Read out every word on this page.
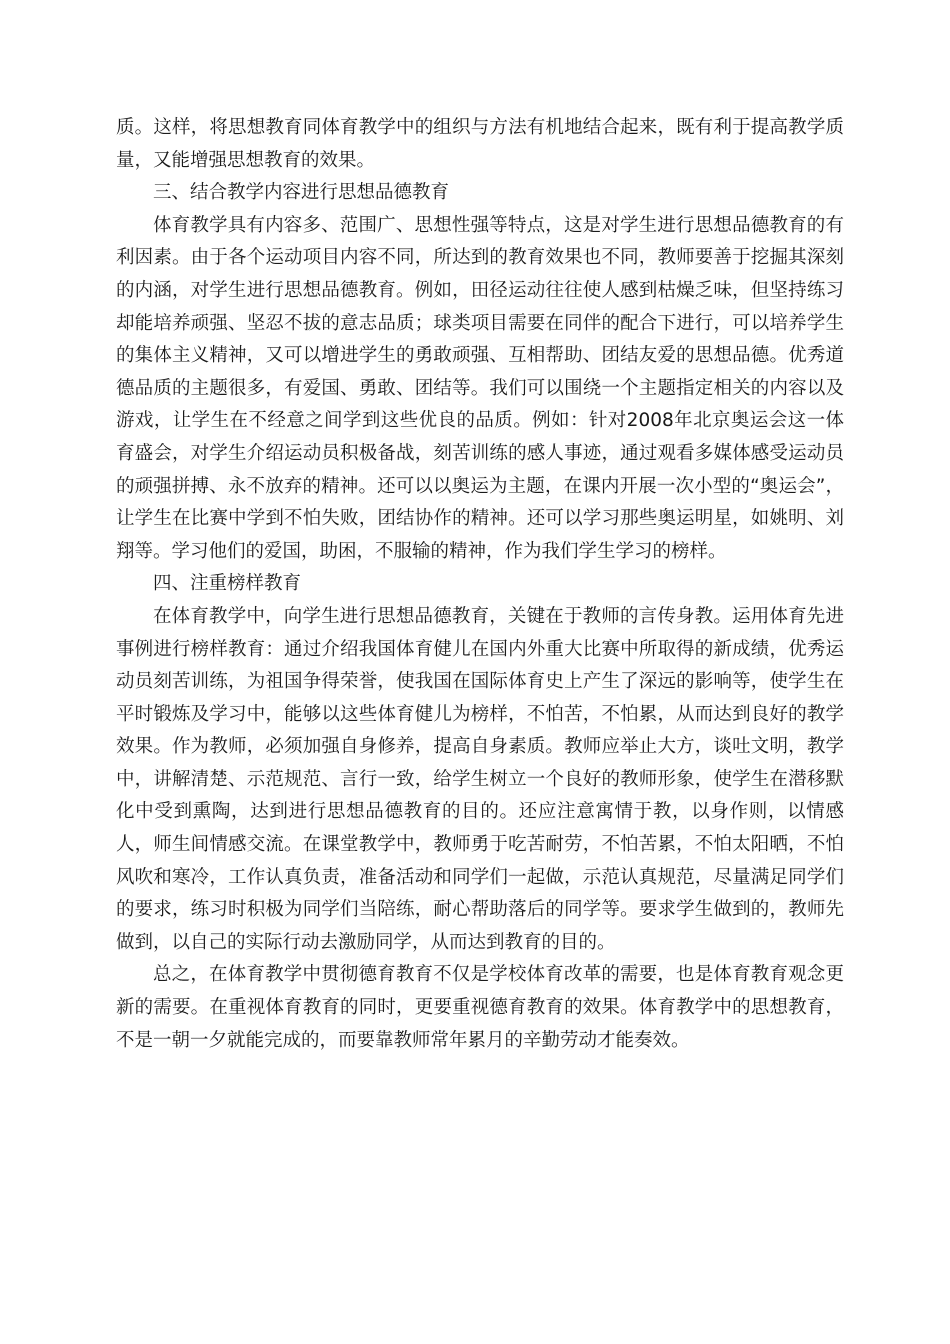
质。这样，将思想教育同体育教学中的组织与方法有机地结合起来，既有利于提高教学质量，又能增强思想教育的效果。

三、结合教学内容进行思想品德教育

体育教学具有内容多、范围广、思想性强等特点，这是对学生进行思想品德教育的有利因素。由于各个运动项目内容不同，所达到的教育效果也不同，教师要善于挖掘其深刻的内涵，对学生进行思想品德教育。例如，田径运动往往使人感到枯燥乏味，但坚持练习却能培养顽强、坚忍不拔的意志品质；球类项目需要在同伴的配合下进行，可以培养学生的集体主义精神，又可以增进学生的勇敢顽强、互相帮助、团结友爱的思想品德。优秀道德品质的主题很多，有爱国、勇敢、团结等。我们可以围绕一个主题指定相关的内容以及游戏，让学生在不经意之间学到这些优良的品质。例如：针对2008年北京奥运会这一体育盛会，对学生介绍运动员积极备战，刻苦训练的感人事迹，通过观看多媒体感受运动员的顽强拼搏、永不放弃的精神。还可以以奥运为主题，在课内开展一次小型的“奥运会”，让学生在比赛中学到不怕失败，团结协作的精神。还可以学习那些奥运明星，如姚明、刘翔等。学习他们的爱国，助困，不服输的精神，作为我们学生学习的榜样。

四、注重榜样教育

在体育教学中，向学生进行思想品德教育，关键在于教师的言传身教。运用体育先进事例进行榜样教育：通过介绍我国体育健儿在国内外重大比赛中所取得的新成绩，优秀运动员刻苦训练，为祖国争得荣誉，使我国在国际体育史上产生了深远的影响等，使学生在平时锻炼及学习中，能够以这些体育健儿为榜样，不怕苦，不怕累，从而达到良好的教学效果。作为教师，必须加强自身修养，提高自身素质。教师应举止大方，谈吐文明，教学中，讲解清楚、示范规范、言行一致，给学生树立一个良好的教师形象，使学生在潜移默化中受到熏陶，达到进行思想品德教育的目的。还应注意寓情于教，以身作则，以情感人，师生间情感交流。在课堂教学中，教师勇于吃苦耐劳，不怕苦累，不怕太阳晒，不怕风吹和寒冷，工作认真负责，准备活动和同学们一起做，示范认真规范，尽量满足同学们的要求，练习时积极为同学们当陪练，耐心帮助落后的同学等。要求学生做到的，教师先做到，以自己的实际行动去激励同学，从而达到教育的目的。

总之，在体育教学中贯彻德育教育不仅是学校体育改革的需要，也是体育教育观念更新的需要。在重视体育教育的同时，更要重视德育教育的效果。体育教学中的思想教育，不是一朝一夕就能完成的，而要靠教师常年累月的辛勤劳动才能奏效。
